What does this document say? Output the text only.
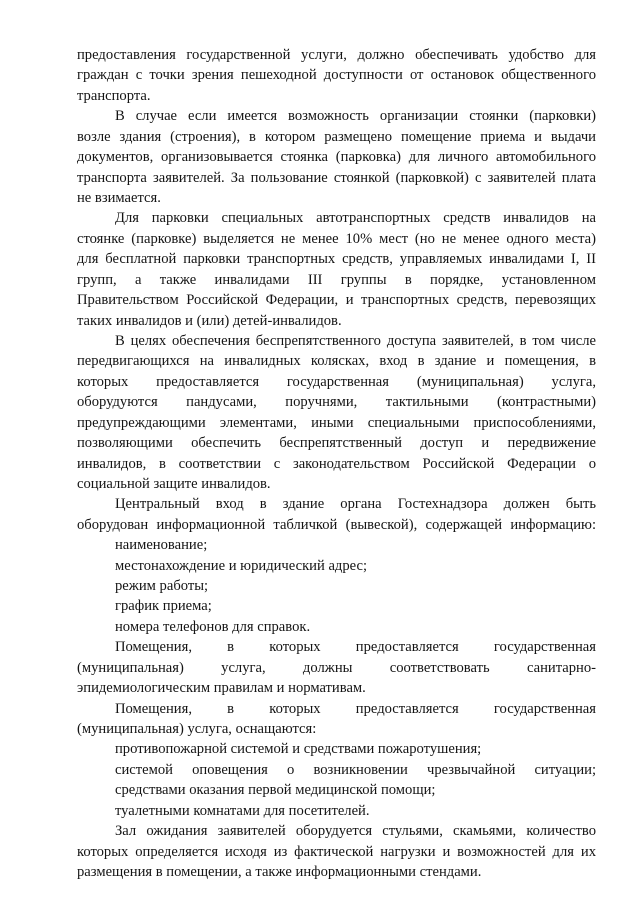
предоставления государственной услуги, должно обеспечивать удобство для
граждан с точки зрения пешеходной доступности от остановок общественного
транспорта.
В случае если имеется возможность организации стоянки (парковки)
возле здания (строения), в котором размещено помещение приема и выдачи
документов, организовывается стоянка (парковка) для личного автомобильного
транспорта заявителей. За пользование стоянкой (парковкой) с заявителей плата
не взимается.
Для парковки специальных автотранспортных средств инвалидов на
стоянке (парковке) выделяется не менее 10% мест (но не менее одного места)
для бесплатной парковки транспортных средств, управляемых инвалидами I, II
групп, а также инвалидами III группы в порядке, установленном
Правительством Российской Федерации, и транспортных средств, перевозящих
таких инвалидов и (или) детей-инвалидов.
В целях обеспечения беспрепятственного доступа заявителей, в том числе
передвигающихся на инвалидных колясках, вход в здание и помещения, в
которых предоставляется государственная (муниципальная) услуга,
оборудуются пандусами, поручнями, тактильными (контрастными)
предупреждающими элементами, иными специальными приспособлениями,
позволяющими обеспечить беспрепятственный доступ и передвижение
инвалидов, в соответствии с законодательством Российской Федерации о
социальной защите инвалидов.
Центральный вход в здание органа Гостехнадзора должен быть
оборудован информационной табличкой (вывеской), содержащей информацию:
наименование;
местонахождение и юридический адрес;
режим работы;
график приема;
номера телефонов для справок.
Помещения, в которых предоставляется государственная
(муниципальная) услуга, должны соответствовать санитарно-
эпидемиологическим правилам и нормативам.
Помещения, в которых предоставляется государственная
(муниципальная) услуга, оснащаются:
противопожарной системой и средствами пожаротушения;
системой оповещения о возникновении чрезвычайной ситуации;
средствами оказания первой медицинской помощи;
туалетными комнатами для посетителей.
Зал ожидания заявителей оборудуется стульями, скамьями, количество
которых определяется исходя из фактической нагрузки и возможностей для их
размещения в помещении, а также информационными стендами.
